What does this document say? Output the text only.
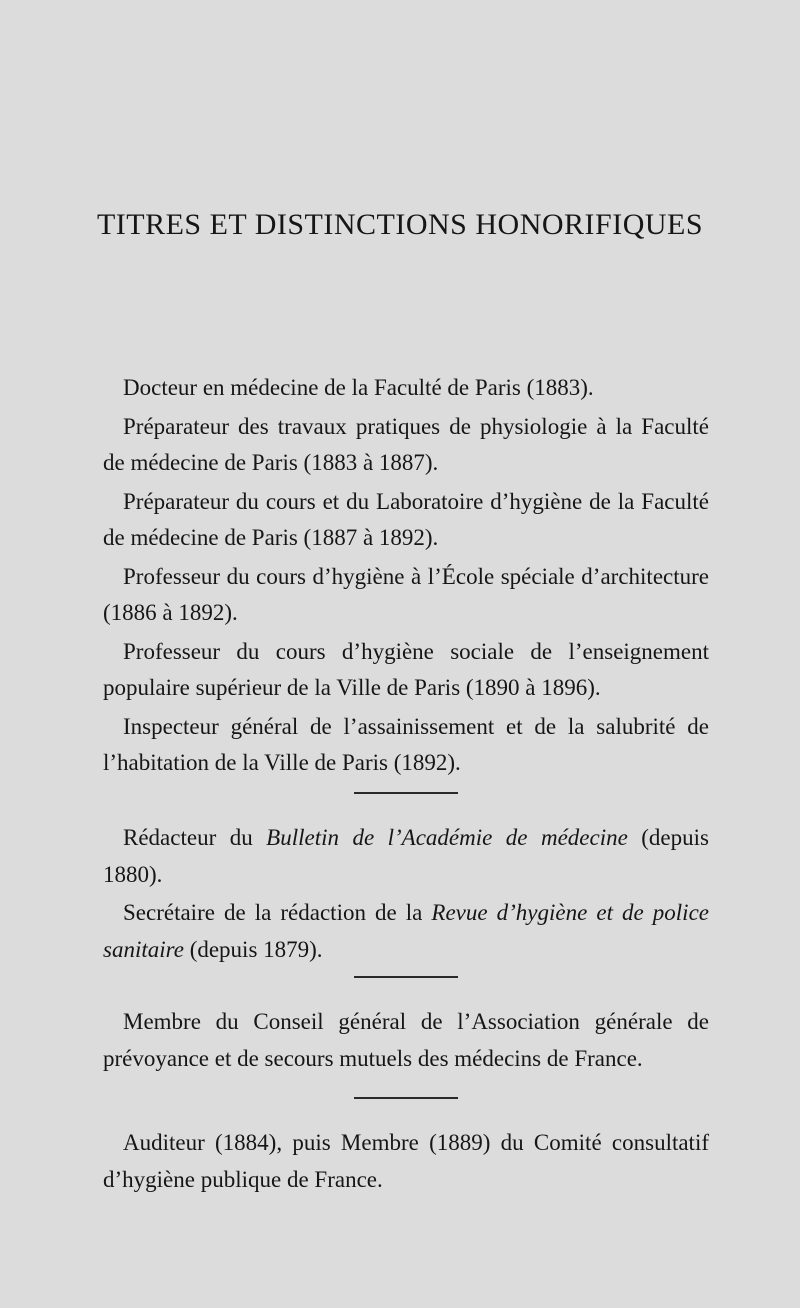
TITRES ET DISTINCTIONS HONORIFIQUES

Docteur en médecine de la Faculté de Paris (1883).

Préparateur des travaux pratiques de physiologie à la Faculté de médecine de Paris (1883 à 1887).

Préparateur du cours et du Laboratoire d’hygiène de la Faculté de médecine de Paris (1887 à 1892).

Professeur du cours d’hygiène à l’École spéciale d’architecture (1886 à 1892).

Professeur du cours d’hygiène sociale de l’enseignement populaire supérieur de la Ville de Paris (1890 à 1896).

Inspecteur général de l’assainissement et de la salubrité de l’habitation de la Ville de Paris (1892).

Rédacteur du Bulletin de l’Académie de médecine (depuis 1880).

Secrétaire de la rédaction de la Revue d’hygiène et de police sanitaire (depuis 1879).

Membre du Conseil général de l’Association générale de prévoyance et de secours mutuels des médecins de France.

Auditeur (1884), puis Membre (1889) du Comité consultatif d’hygiène publique de France.
